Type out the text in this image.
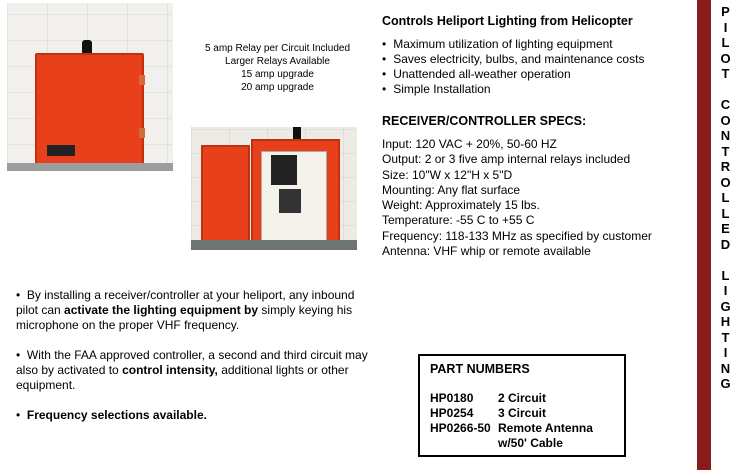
5 amp Relay per Circuit Included
Larger Relays Available
15 amp upgrade
20 amp upgrade
Controls Heliport Lighting from Helicopter
• Maximum utilization of lighting equipment
• Saves electricity, bulbs, and maintenance costs
• Unattended all-weather operation
• Simple Installation
RECEIVER/CONTROLLER SPECS:
Input: 120 VAC + 20%, 50-60 HZ
Output: 2 or 3 five amp internal relays included
Size: 10"W x 12"H x 5"D
Mounting: Any flat surface
Weight: Approximately 15 lbs.
Temperature: -55 C to +55 C
Frequency: 118-133 MHz as specified by customer
Antenna: VHF whip or remote available

•  By installing a receiver/controller at your heliport, any inbound pilot can activate the lighting equipment by simply keying his microphone on the proper VHF frequency.

•  With the FAA approved controller, a second and third circuit may also by activated to control intensity, additional lights or other equipment.

•  Frequency selections available.

PART NUMBERS
HP0180	2 Circuit
HP0254	3 Circuit
HP0266-50	Remote Antenna
	w/50' Cable
P
I
L
O
T

C
O
N
T
R
O
L
L
E
D

L
I
G
H
T
I
N
G
